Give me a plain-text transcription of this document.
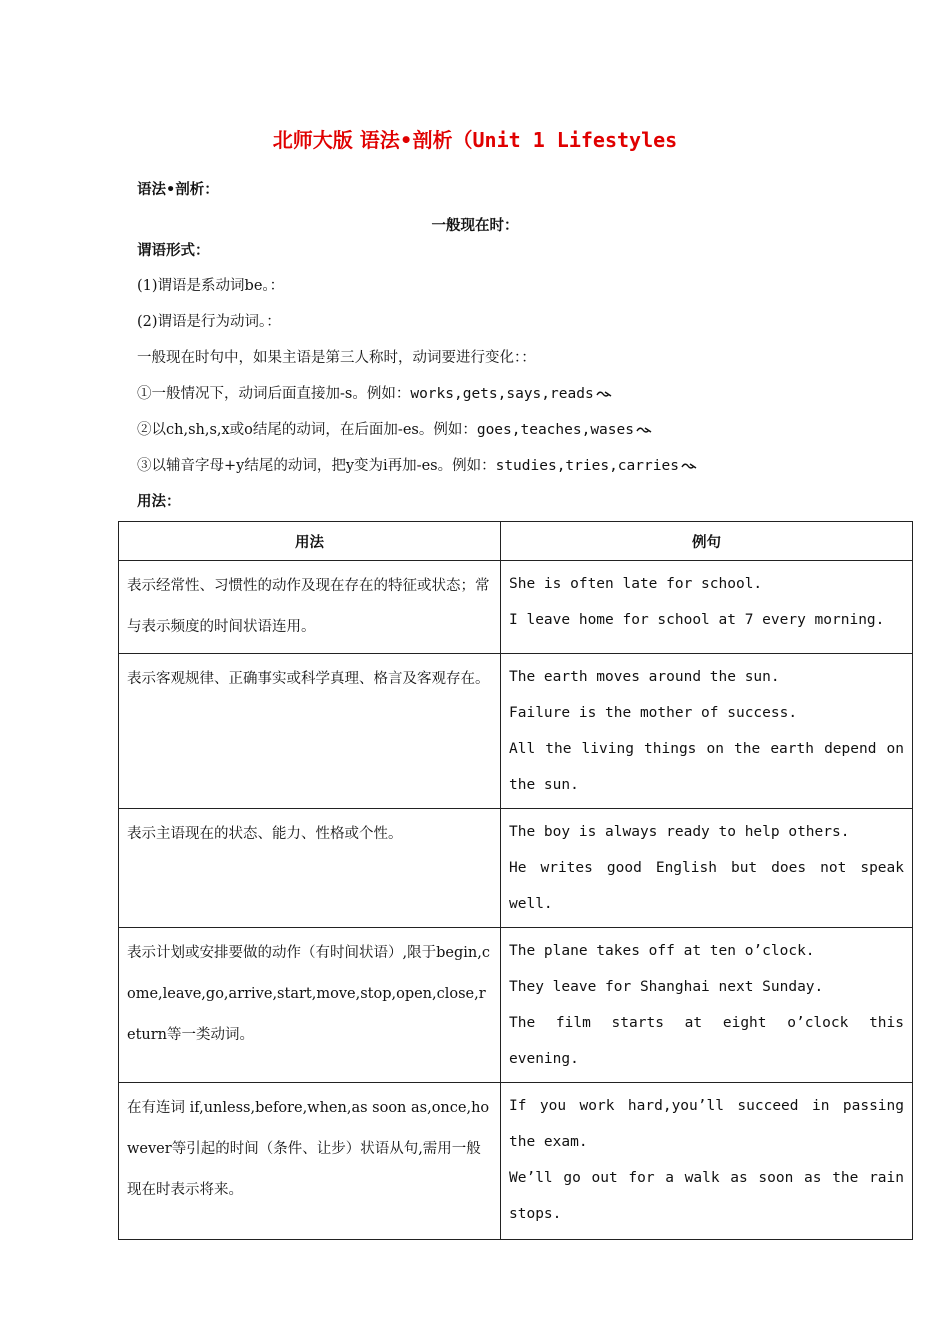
北师大版 语法•剖析（Unit 1 Lifestyles
语法•剖析：
一般现在时：
谓语形式：
(1)谓语是系动词be。：
(2)谓语是行为动词。：
一般现在时句中，如果主语是第三人称时，动词要进行变化：：
①一般情况下，动词后面直接加-s。例如：works,gets,says,reads
②以ch,sh,s,x或o结尾的动词，在后面加-es。例如：goes,teaches,wases
③以辅音字母+y结尾的动词，把y变为i再加-es。例如：studies,tries,carries
用法：
用法	例句
表示经常性、习惯性的动作及现在存在的特征或状态；常与表示频度的时间状语连用。	She is often late for school.
I leave home for school at 7 every morning.

表示客观规律、正确事实或科学真理、格言及客观存在。	The earth moves around the sun.
Failure is the mother of success.
All the living things on the earth depend on the sun.

表示主语现在的状态、能力、性格或个性。	The boy is always ready to help others.
He writes good English but does not speak well.

表示计划或安排要做的动作（有时间状语）,限于begin,come,leave,go,arrive,start,move,stop,open,close,return等一类动词。	The plane takes off at ten o’clock.
They leave for Shanghai next Sunday.
The film starts at eight o’clock this evening.

在有连词 if,unless,before,when,as soon as,once,however等引起的时间（条件、让步）状语从句,需用一般现在时表示将来。	If you work hard,you’ll succeed in passing the exam.
We’ll go out for a walk as soon as the rain stops.
